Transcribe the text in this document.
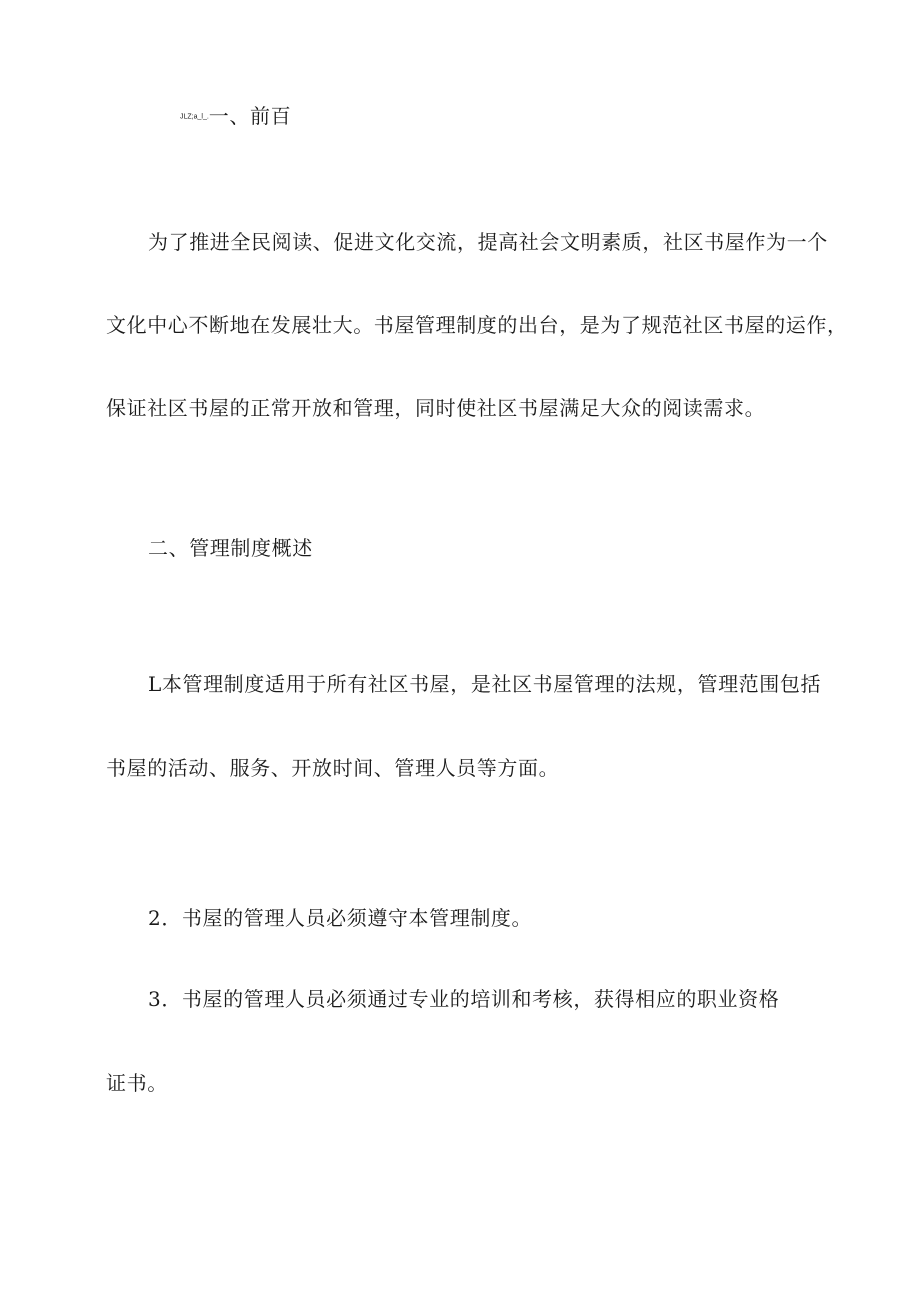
JLZ;a_l_.一、前百
为了推进全民阅读、促进文化交流，提高社会文明素质，社区书屋作为一个
文化中心不断地在发展壮大。书屋管理制度的出台，是为了规范社区书屋的运作，
保证社区书屋的正常开放和管理，同时使社区书屋满足大众的阅读需求。
二、管理制度概述
L本管理制度适用于所有社区书屋，是社区书屋管理的法规，管理范围包括
书屋的活动、服务、开放时间、管理人员等方面。
2．书屋的管理人员必须遵守本管理制度。
3．书屋的管理人员必须通过专业的培训和考核，获得相应的职业资格
证书。
